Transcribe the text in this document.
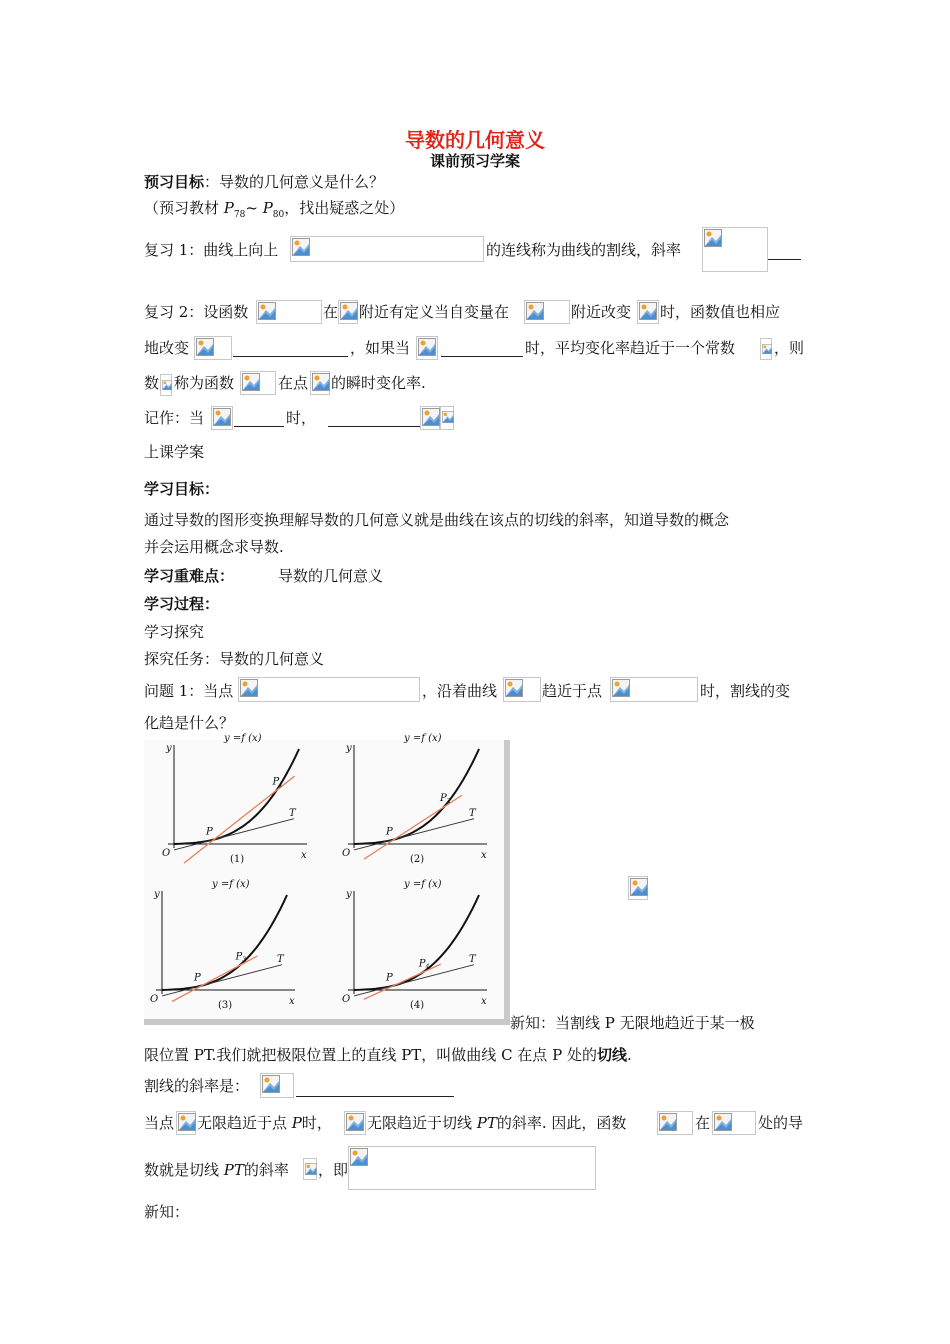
导数的几何意义
课前预习学案
预习目标：导数的几何意义是什么？
（预习教材 $P_{78}\sim$ $P_{80}$，找出疑惑之处）
复习 1：曲线上向上	的连线称为曲线的割线，斜率
复习 2：设函数	在 附近有定义当自变量在	附近改变 时，函数值也相应
地改变	，如果当	时，平均变化率趋近于一个常数	，则
数 称为函数	在点 的瞬时变化率.
记作：当	时，
上课学案
学习目标：
通过导数的图形变换理解导数的几何意义就是曲线在该点的切线的斜率，知道导数的概念
并会运用概念求导数.
学习重难点：	导数的几何意义
学习过程：
学习探究
探究任务：导数的几何意义
问题 1：当点	，沿着曲线	趋近于点	时，割线的变
化趋是什么？
y
x
O
P
$P_1$
T
y =f (x)
(1)
y
x
O
P
$P_2$
T
y =f (x)
(2)
y
x
O
P
$P_3$	T
y =f (x)
(3)
y
x
O
P
$P_4$
T
y =f (x)
(4)
新知：当割线 P 无限地趋近于某一极
限位置 PT.我们就把极限位置上的直线 PT，叫做曲线 C 在点 P 处的切线.
割线的斜率是：
当点 无限趋近于点 P时， 无限趋近于切线 PT的斜率. 因此，函数	在	处的导
数就是切线 PT的斜率 ，即
新知：
